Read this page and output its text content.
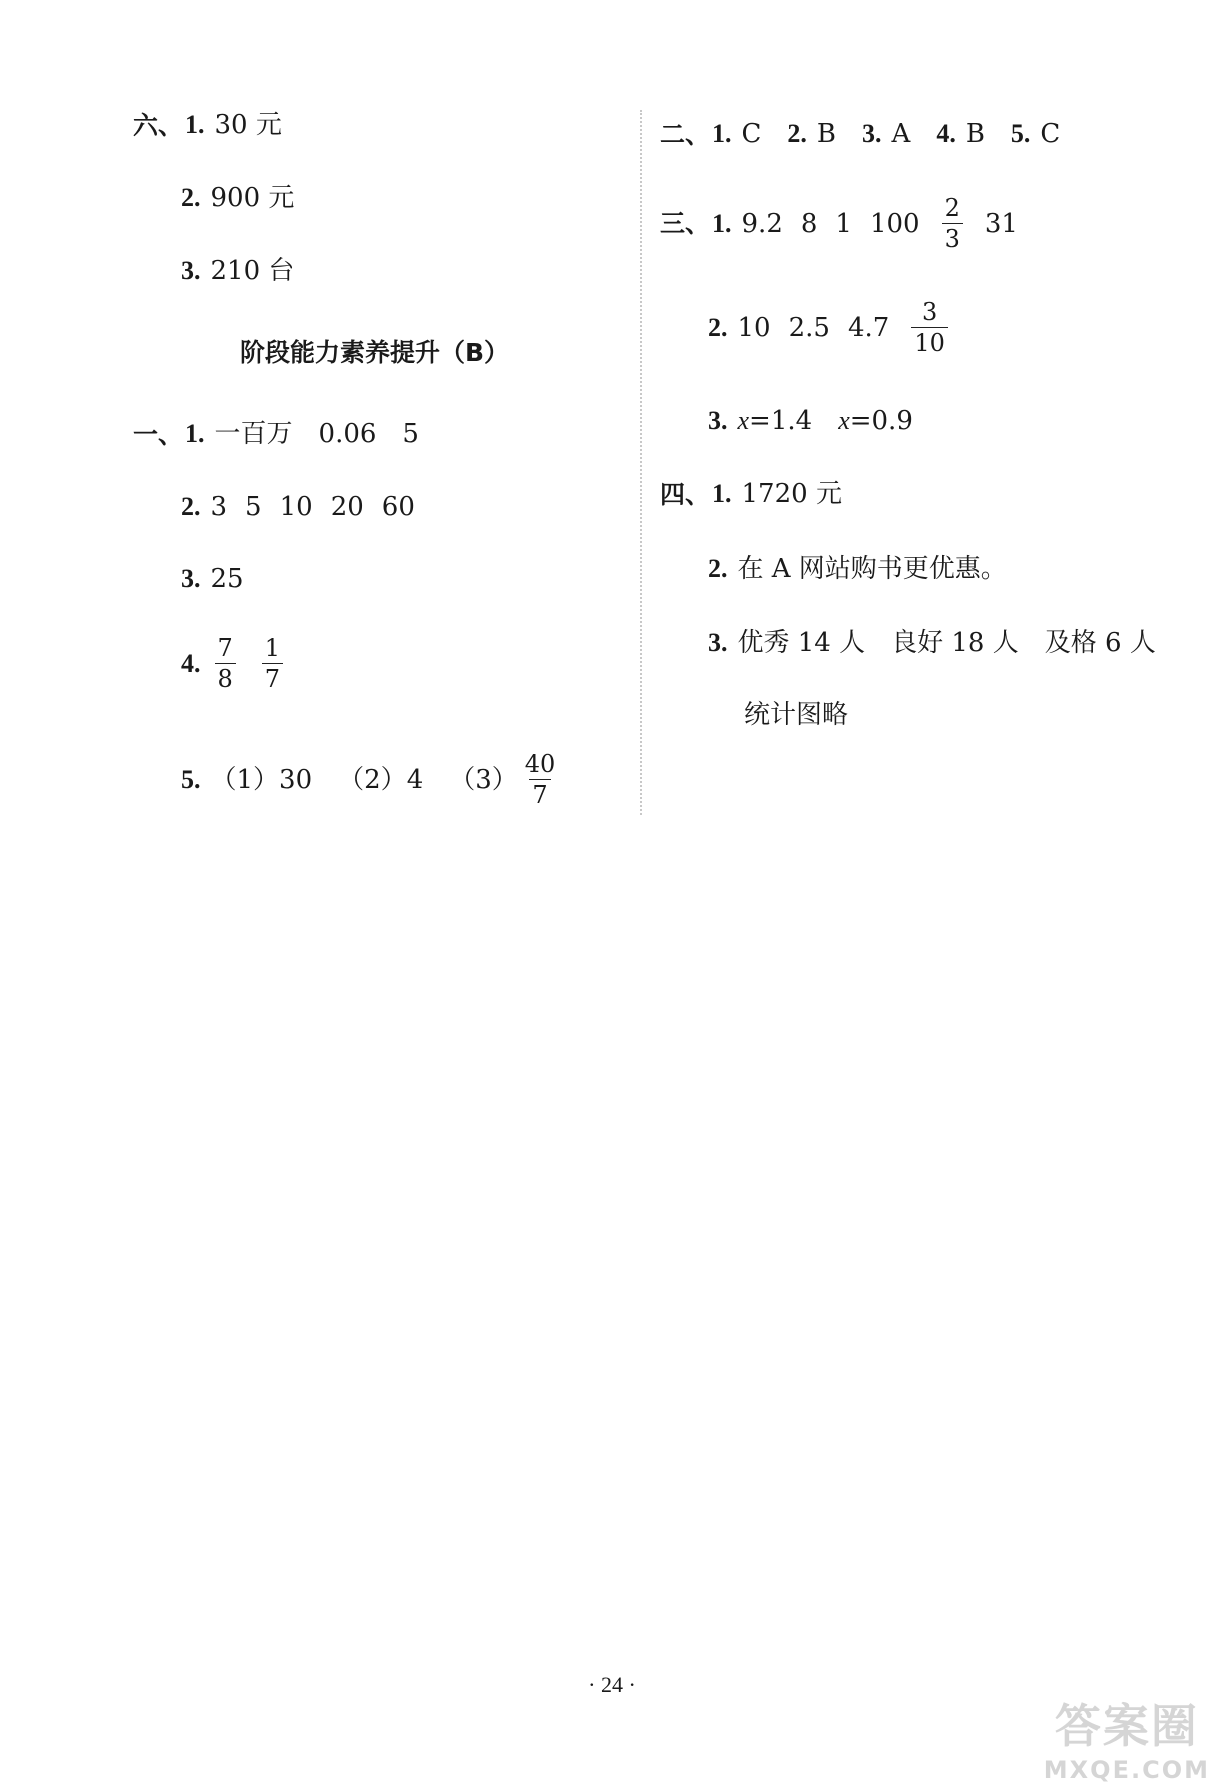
六、 1. 30 元
2. 900 元
3. 210 台
阶段能力素养提升（B）
一、 1. 一百万 0.06 5
2. 3 5 10 20 60
3. 25
4. $\frac{7}{8} \frac{1}{7}$
5. （1） 30 （2） 4 $(3) \frac{40}{7}$
二、 1. C 2. B 3. A 4. B 5. C
三、 1. 9.2 8 1 $100 \frac{2}{3} 31$
2. 10 2.5 $4.7 \frac{3}{10}$
3. x =1.4 x =0.9
四、 1. 1720 元
2. 在 A 网站购书更优惠。
3. 优秀 14 人 良好 18 人 及格 6 人
统计图略
· 24 ·
答案圈
MXQE.COM
